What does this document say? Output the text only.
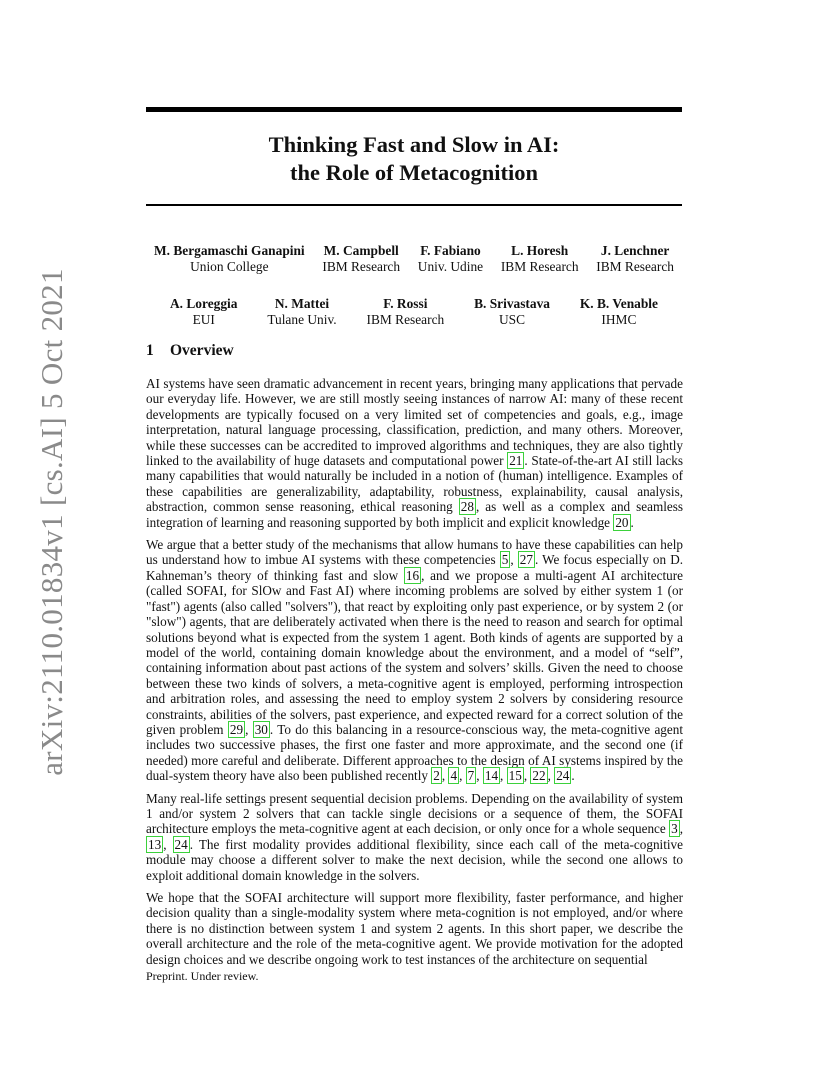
arXiv:2110.01834v1 [cs.AI] 5 Oct 2021
Thinking Fast and Slow in AI:
the Role of Metacognition
M. Bergamaschi Ganapini
Union College
M. Campbell
IBM Research
F. Fabiano
Univ. Udine
L. Horesh
IBM Research
J. Lenchner
IBM Research
A. Loreggia
EUI
N. Mattei
Tulane Univ.
F. Rossi
IBM Research
B. Srivastava
USC
K. B. Venable
IHMC
1 Overview

AI systems have seen dramatic advancement in recent years, bringing many applications that pervade our everyday life. However, we are still mostly seeing instances of narrow AI: many of these recent developments are typically focused on a very limited set of competencies and goals, e.g., image interpretation, natural language processing, classification, prediction, and many others. Moreover, while these successes can be accredited to improved algorithms and techniques, they are also tightly linked to the availability of huge datasets and computational power 21 . State-of-the-art AI still lacks many capabilities that would naturally be included in a notion of (human) intelligence. Examples of these capabilities are generalizability, adaptability, robustness, explainability, causal analysis, abstraction, common sense reasoning, ethical reasoning 28 , as well as a complex and seamless integration of learning and reasoning supported by both implicit and explicit knowledge 20 .

We argue that a better study of the mechanisms that allow humans to have these capabilities can help us understand how to imbue AI systems with these competencies 5 , 27 . We focus especially on D. Kahneman’s theory of thinking fast and slow 16 , and we propose a multi-agent AI architecture (called SOFAI, for SlOw and Fast AI) where incoming problems are solved by either system 1 (or "fast") agents (also called "solvers"), that react by exploiting only past experience, or by system 2 (or "slow") agents, that are deliberately activated when there is the need to reason and search for optimal solutions beyond what is expected from the system 1 agent. Both kinds of agents are supported by a model of the world, containing domain knowledge about the environment, and a model of “self”, containing information about past actions of the system and solvers’ skills. Given the need to choose between these two kinds of solvers, a meta-cognitive agent is employed, performing introspection and arbitration roles, and assessing the need to employ system 2 solvers by considering resource constraints, abilities of the solvers, past experience, and expected reward for a correct solution of the given problem 29 , 30 . To do this balancing in a resource-conscious way, the meta-cognitive agent includes two successive phases, the first one faster and more approximate, and the second one (if needed) more careful and deliberate. Different approaches to the design of AI systems inspired by the dual-system theory have also been published recently 2 , 4 , 7 , 14 , 15 , 22 , 24 .

Many real-life settings present sequential decision problems. Depending on the availability of system 1 and/or system 2 solvers that can tackle single decisions or a sequence of them, the SOFAI architecture employs the meta-cognitive agent at each decision, or only once for a whole sequence 3 , 13 , 24 . The first modality provides additional flexibility, since each call of the meta-cognitive module may choose a different solver to make the next decision, while the second one allows to exploit additional domain knowledge in the solvers.

We hope that the SOFAI architecture will support more flexibility, faster performance, and higher decision quality than a single-modality system where meta-cognition is not employed, and/or where there is no distinction between system 1 and system 2 agents. In this short paper, we describe the overall architecture and the role of the meta-cognitive agent. We provide motivation for the adopted design choices and we describe ongoing work to test instances of the architecture on sequential

Preprint. Under review.
